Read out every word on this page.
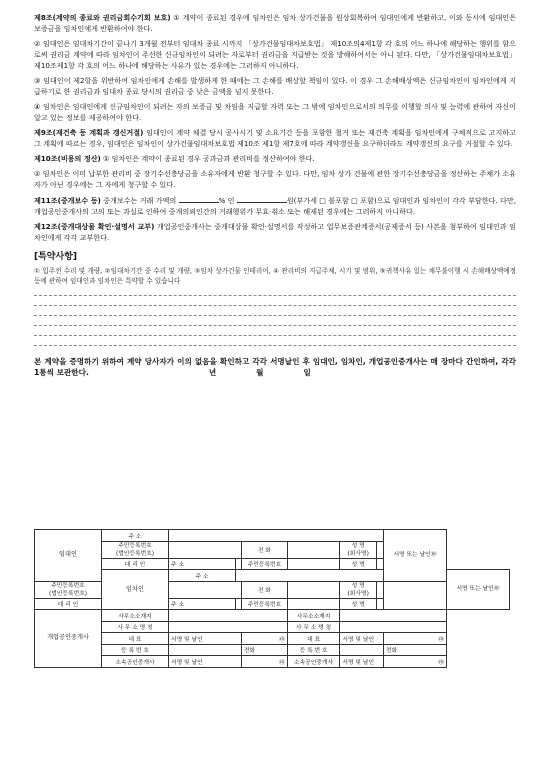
제8조(계약의 종료와 권리금회수기회 보호) ① 계약이 종료된 경우에 임차인은 임차 상가건물을 원상회복하여 임대인에게 반환하고, 이와 동시에 임대인은 보증금을 임차인에게 반환하여야 한다.

② 임대인은 임대차기간이 끝나기 3개월 전부터 임대차 종료 시까지 「상가건물임대차보호법」 제10조의4제1항 각 호의 어느 하나에 해당하는 행위를 함으로써 권리금 계약에 따라 임차인이 주선한 신규임차인이 되려는 자로부터 권리금을 지급받는 것을 방해하여서는 아니 된다. 다만, 「상가건물임대차보호법」 제10조제1항 각 호의 어느 하나에 해당하는 사유가 있는 경우에는 그러하지 아니하다.

③ 임대인이 제2항을 위반하여 임차인에게 손해를 발생하게 한 때에는 그 손해를 배상할 책임이 있다. 이 경우 그 손해배상액은 신규임차인이 임차인에게 지급하기로 한 권리금과 임대차 종료 당시의 권리금 중 낮은 금액을 넘지 못한다.

④ 임차인은 임대인에게 신규임차인이 되려는 자의 보증금 및 차임을 지급할 자력 또는 그 밖에 임차인으로서의 의무를 이행할 의사 및 능력에 관하여 자신이 알고 있는 정보를 제공하여야 한다.

제9조(재건축 등 계획과 갱신거절) 임대인이 계약 체결 당시 공사시기 및 소요기간 등을 포함한 철거 또는 재건축 계획을 임차인에게 구체적으로 고지하고 그 계획에 따르는 경우, 임대인은 임차인이 상가건물임대차보호법 제10조 제1항 제7호에 따라 계약갱신을 요구하더라도 계약갱신의 요구를 거절할 수 있다.

제10조(비용의 정산) ① 임차인은 계약이 종료된 경우 공과금과 관리비를 정산하여야 한다.

② 임차인은 이미 납부한 관리비 중 장기수선충당금을 소유자에게 반환 청구할 수 있다. 다만, 임차 상가 건물에 관한 장기수선충당금을 정산하는 주체가 소유자가 아닌 경우에는 그 자에게 청구할 수 있다.

제11조(중개보수 등) 중개보수는 거래 가액의	% 인	원(부가세 □ 불포함 □ 포함)으로 임대인과 임차인이 각각 부담한다. 다만, 개업공인중개사의 고의 또는 과실로 인하여 중개의뢰인간의 거래행위가 무효·취소 또는 해제된 경우에는 그러하지 아니하다.

제12조(중개대상물 확인·설명서 교부) 개업공인중개사는 중개대상물 확인·설명서를 작성하고 업무보증관계증서(공제증서 등) 사본을 첨부하여 임대인과 임차인에게 각각 교부한다.

[특약사항]

① 입주전 수리 및 개량, ②임대차기간 중 수리 및 개량, ③임차 상가건물 인테리어, ④ 관리비의 지급주체, 시기 및 범위, ⑤귀책사유 있는 채무불이행 시 손해배상액예정 등에 관하여 임대인과 임차인은 특약할 수 있습니다

본 계약을 증명하기 위하여 계약 당사자가 이의 없음을 확인하고 각각 서명날인 후 임대인, 임차인, 개업공인중개사는 매 장마다 간인하여, 각각 1통씩 보관한다.	년	월	일

임대인	주 소							서명 또는 날인㊞	
	주민등록번호
(법인등록번호)			전 화		성 명
(회사명)			
	대 리 인	주 소		주민등록번호		성 명			
	임차인	주 소							서명 또는 날인㊞
주민등록번호
(법인등록번호)				전 화		성 명
(회사명)			
대 리 인		주 소		주민등록번호		성 명			
개업공인중개사	사무소소재지				사무소소재지				
	사 무 소 명 칭				사 무 소 명 칭				
	대 표	서명 및 날인		㊞	대 표	서명 및 날인		㊞	
	등 록 번 호			전화	등 록 번 호			전화	
	소속공인중개사	서명 및 날인		㊞	소속공인중개사	서명 및 날인		㊞	
